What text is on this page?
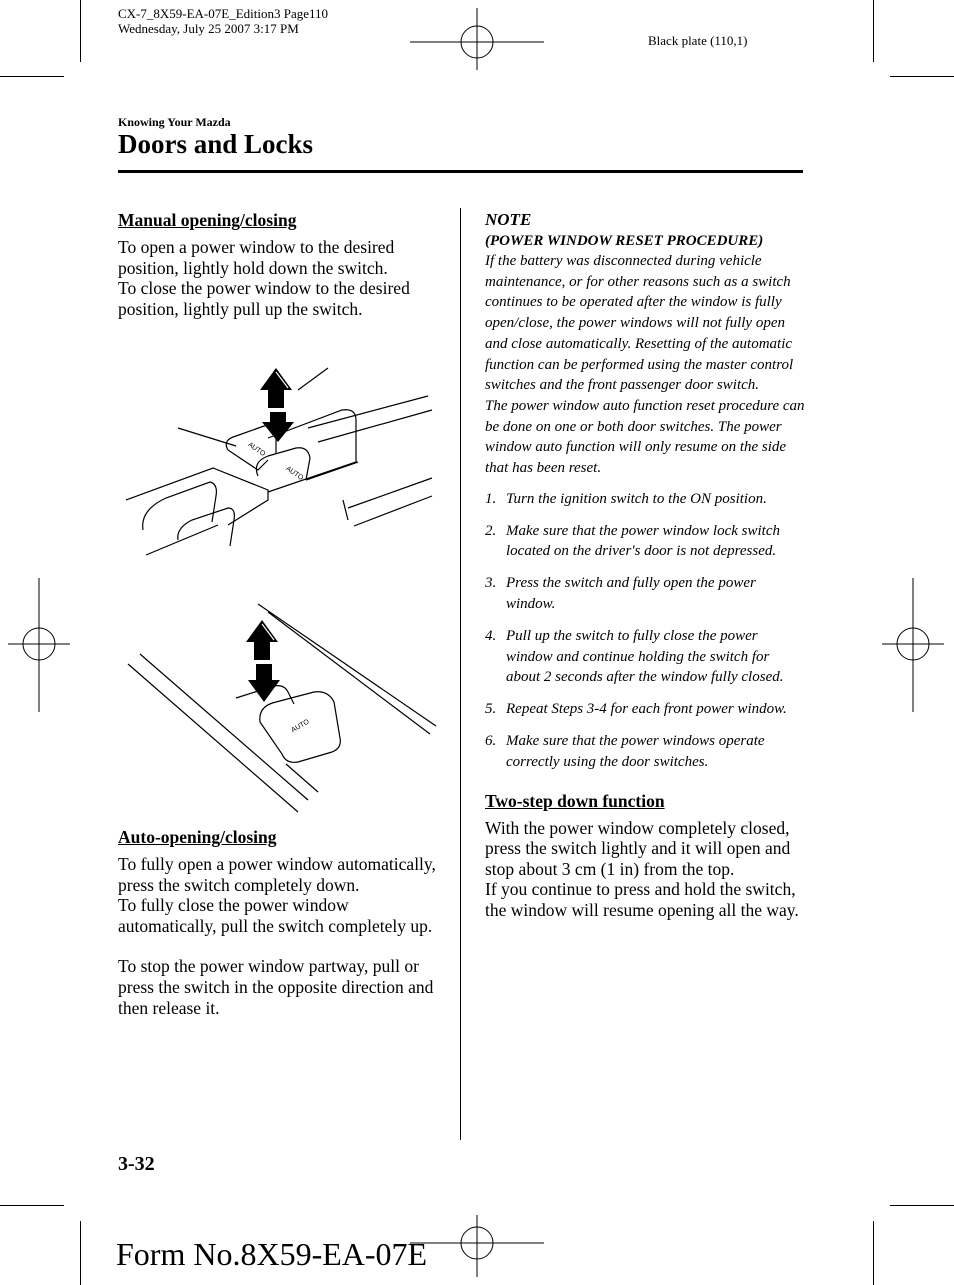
CX-7_8X59-EA-07E_Edition3 Page110
Wednesday, July 25 2007 3:17 PM
Black plate (110,1)
Knowing Your Mazda
Doors and Locks
Manual opening/closing

To open a power window to the desired position, lightly hold down the switch.

To close the power window to the desired position, lightly pull up the switch.

AUTO
AUTO
AUTO
Auto-opening/closing

To fully open a power window automatically, press the switch completely down.

To fully close the power window automatically, pull the switch completely up.

To stop the power window partway, pull or press the switch in the opposite direction and then release it.

NOTE

(POWER WINDOW RESET PROCEDURE)

If the battery was disconnected during vehicle maintenance, or for other reasons such as a switch continues to be operated after the window is fully open/close, the power windows will not fully open and close automatically. Resetting of the automatic function can be performed using the master control switches and the front passenger door switch.

The power window auto function reset procedure can be done on one or both door switches. The power window auto function will only resume on the side that has been reset.

1. Turn the ignition switch to the ON position.
2. Make sure that the power window lock switch located on the driver's door is not depressed.
3. Press the switch and fully open the power window.
4. Pull up the switch to fully close the power window and continue holding the switch for about 2 seconds after the window fully closed.
5. Repeat Steps 3-4 for each front power window.
6. Make sure that the power windows operate correctly using the door switches.
Two-step down function

With the power window completely closed, press the switch lightly and it will open and stop about 3 cm (1 in) from the top.

If you continue to press and hold the switch, the window will resume opening all the way.

3-32
Form No.8X59-EA-07E
